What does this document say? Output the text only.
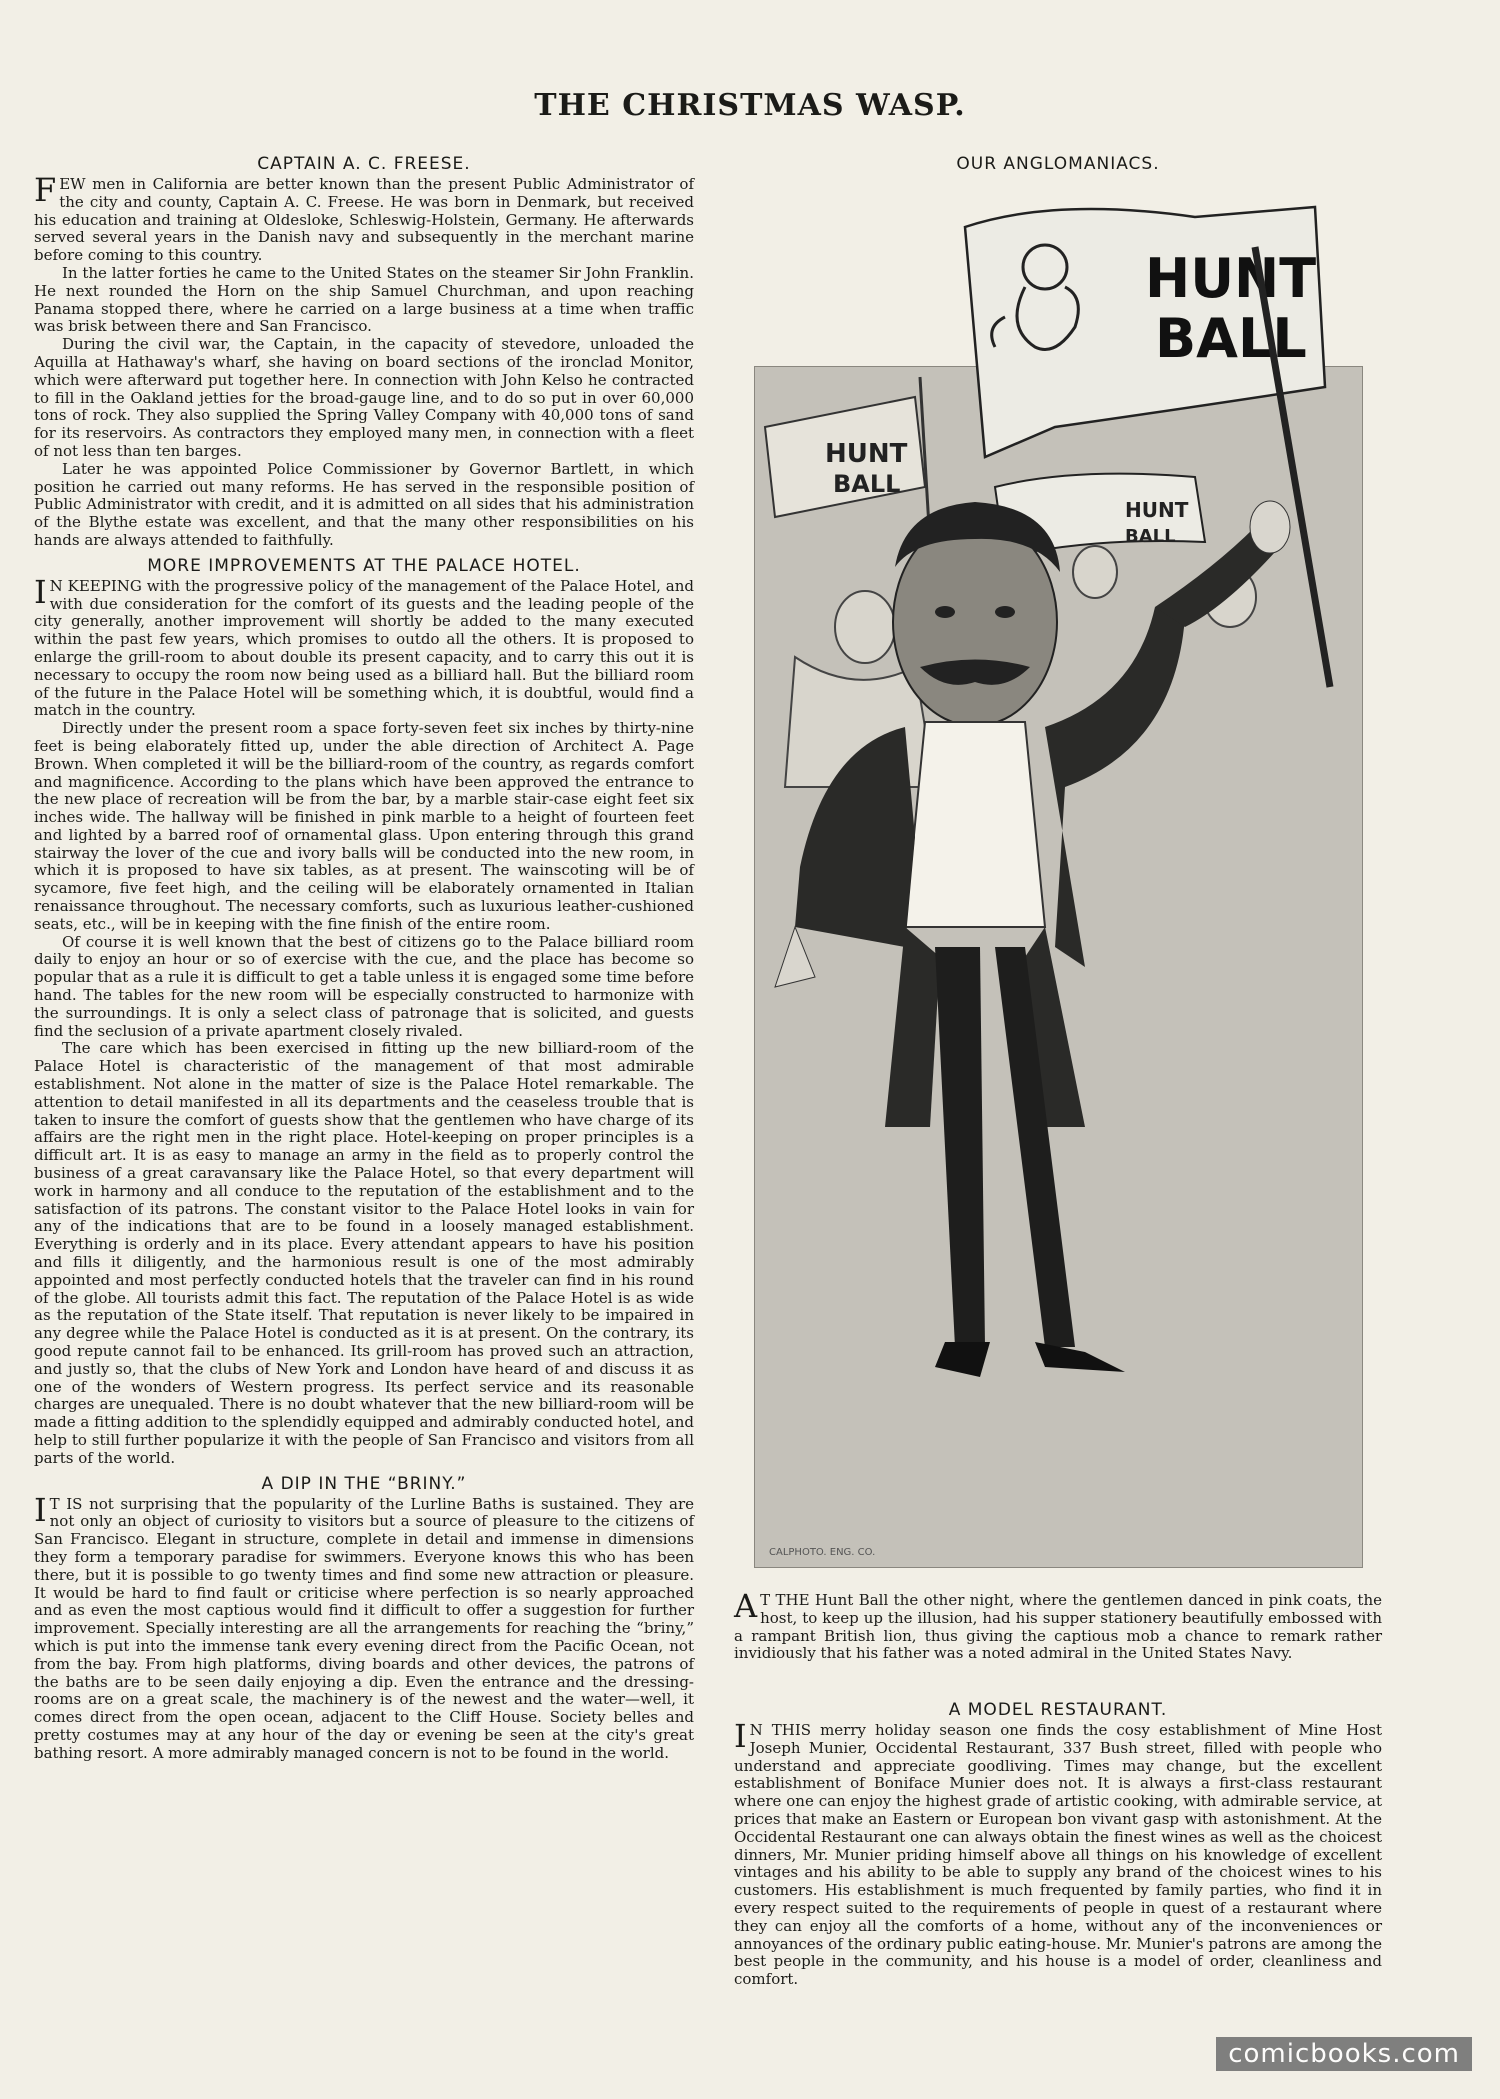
THE CHRISTMAS WASP.
CAPTAIN A. C. FREESE.

FEW men in California are better known than the present Public Administrator of the city and county, Captain A. C. Freese. He was born in Denmark, but received his education and training at Oldesloke, Schleswig-Holstein, Germany. He afterwards served several years in the Danish navy and subsequently in the merchant marine before coming to this country.

In the latter forties he came to the United States on the steamer Sir John Franklin. He next rounded the Horn on the ship Samuel Churchman, and upon reaching Panama stopped there, where he carried on a large business at a time when traffic was brisk between there and San Francisco.

During the civil war, the Captain, in the capacity of stevedore, unloaded the Aquilla at Hathaway's wharf, she having on board sections of the ironclad Monitor, which were afterward put together here. In connection with John Kelso he contracted to fill in the Oakland jetties for the broad-gauge line, and to do so put in over 60,000 tons of rock. They also supplied the Spring Valley Company with 40,000 tons of sand for its reservoirs. As contractors they employed many men, in connection with a fleet of not less than ten barges.

Later he was appointed Police Commissioner by Governor Bartlett, in which position he carried out many reforms. He has served in the responsible position of Public Administrator with credit, and it is admitted on all sides that his administration of the Blythe estate was excellent, and that the many other responsibilities on his hands are always attended to faithfully.

MORE IMPROVEMENTS AT THE PALACE HOTEL.

IN KEEPING with the progressive policy of the management of the Palace Hotel, and with due consideration for the comfort of its guests and the leading people of the city generally, another improvement will shortly be added to the many executed within the past few years, which promises to outdo all the others. It is proposed to enlarge the grill-room to about double its present capacity, and to carry this out it is necessary to occupy the room now being used as a billiard hall. But the billiard room of the future in the Palace Hotel will be something which, it is doubtful, would find a match in the country.

Directly under the present room a space forty-seven feet six inches by thirty-nine feet is being elaborately fitted up, under the able direction of Architect A. Page Brown. When completed it will be the billiard-room of the country, as regards comfort and magnificence. According to the plans which have been approved the entrance to the new place of recreation will be from the bar, by a marble stair-case eight feet six inches wide. The hallway will be finished in pink marble to a height of fourteen feet and lighted by a barred roof of ornamental glass. Upon entering through this grand stairway the lover of the cue and ivory balls will be conducted into the new room, in which it is proposed to have six tables, as at present. The wainscoting will be of sycamore, five feet high, and the ceiling will be elaborately ornamented in Italian renaissance throughout. The necessary comforts, such as luxurious leather-cushioned seats, etc., will be in keeping with the fine finish of the entire room.

Of course it is well known that the best of citizens go to the Palace billiard room daily to enjoy an hour or so of exercise with the cue, and the place has become so popular that as a rule it is difficult to get a table unless it is engaged some time before hand. The tables for the new room will be especially constructed to harmonize with the surroundings. It is only a select class of patronage that is solicited, and guests find the seclusion of a private apartment closely rivaled.

The care which has been exercised in fitting up the new billiard-room of the Palace Hotel is characteristic of the management of that most admirable establishment. Not alone in the matter of size is the Palace Hotel remarkable. The attention to detail manifested in all its departments and the ceaseless trouble that is taken to insure the comfort of guests show that the gentlemen who have charge of its affairs are the right men in the right place. Hotel-keeping on proper principles is a difficult art. It is as easy to manage an army in the field as to properly control the business of a great caravansary like the Palace Hotel, so that every department will work in harmony and all conduce to the reputation of the establishment and to the satisfaction of its patrons. The constant visitor to the Palace Hotel looks in vain for any of the indications that are to be found in a loosely managed establishment. Everything is orderly and in its place. Every attendant appears to have his position and fills it diligently, and the harmonious result is one of the most admirably appointed and most perfectly conducted hotels that the traveler can find in his round of the globe. All tourists admit this fact. The reputation of the Palace Hotel is as wide as the reputation of the State itself. That reputation is never likely to be impaired in any degree while the Palace Hotel is conducted as it is at present. On the contrary, its good repute cannot fail to be enhanced. Its grill-room has proved such an attraction, and justly so, that the clubs of New York and London have heard of and discuss it as one of the wonders of Western progress. Its perfect service and its reasonable charges are unequaled. There is no doubt whatever that the new billiard-room will be made a fitting addition to the splendidly equipped and admirably conducted hotel, and help to still further popularize it with the people of San Francisco and visitors from all parts of the world.

A DIP IN THE “BRINY.”

IT IS not surprising that the popularity of the Lurline Baths is sustained. They are not only an object of curiosity to visitors but a source of pleasure to the citizens of San Francisco. Elegant in structure, complete in detail and immense in dimensions they form a temporary paradise for swimmers. Everyone knows this who has been there, but it is possible to go twenty times and find some new attraction or pleasure. It would be hard to find fault or criticise where perfection is so nearly approached and as even the most captious would find it difficult to offer a suggestion for further improvement. Specially interesting are all the arrangements for reaching the “briny,” which is put into the immense tank every evening direct from the Pacific Ocean, not from the bay. From high platforms, diving boards and other devices, the patrons of the baths are to be seen daily enjoying a dip. Even the entrance and the dressing-rooms are on a great scale, the machinery is of the newest and the water—well, it comes direct from the open ocean, adjacent to the Cliff House. Society belles and pretty costumes may at any hour of the day or evening be seen at the city's great bathing resort. A more admirably managed concern is not to be found in the world.

OUR ANGLOMANIACS.
HUNT
BALL
HUNT
BALL
HUNT
BALL
CALPHOTO. ENG. CO.

AT THE Hunt Ball the other night, where the gentlemen danced in pink coats, the host, to keep up the illusion, had his supper stationery beautifully embossed with a rampant British lion, thus giving the captious mob a chance to remark rather invidiously that his father was a noted admiral in the United States Navy.

A MODEL RESTAURANT.

IN THIS merry holiday season one finds the cosy establishment of Mine Host Joseph Munier, Occidental Restaurant, 337 Bush street, filled with people who understand and appreciate goodliving. Times may change, but the excellent establishment of Boniface Munier does not. It is always a first-class restaurant where one can enjoy the highest grade of artistic cooking, with admirable service, at prices that make an Eastern or European bon vivant gasp with astonishment. At the Occidental Restaurant one can always obtain the finest wines as well as the choicest dinners, Mr. Munier priding himself above all things on his knowledge of excellent vintages and his ability to be able to supply any brand of the choicest wines to his customers. His establishment is much frequented by family parties, who find it in every respect suited to the requirements of people in quest of a restaurant where they can enjoy all the comforts of a home, without any of the inconveniences or annoyances of the ordinary public eating-house. Mr. Munier's patrons are among the best people in the community, and his house is a model of order, cleanliness and comfort.

comicbooks.com
